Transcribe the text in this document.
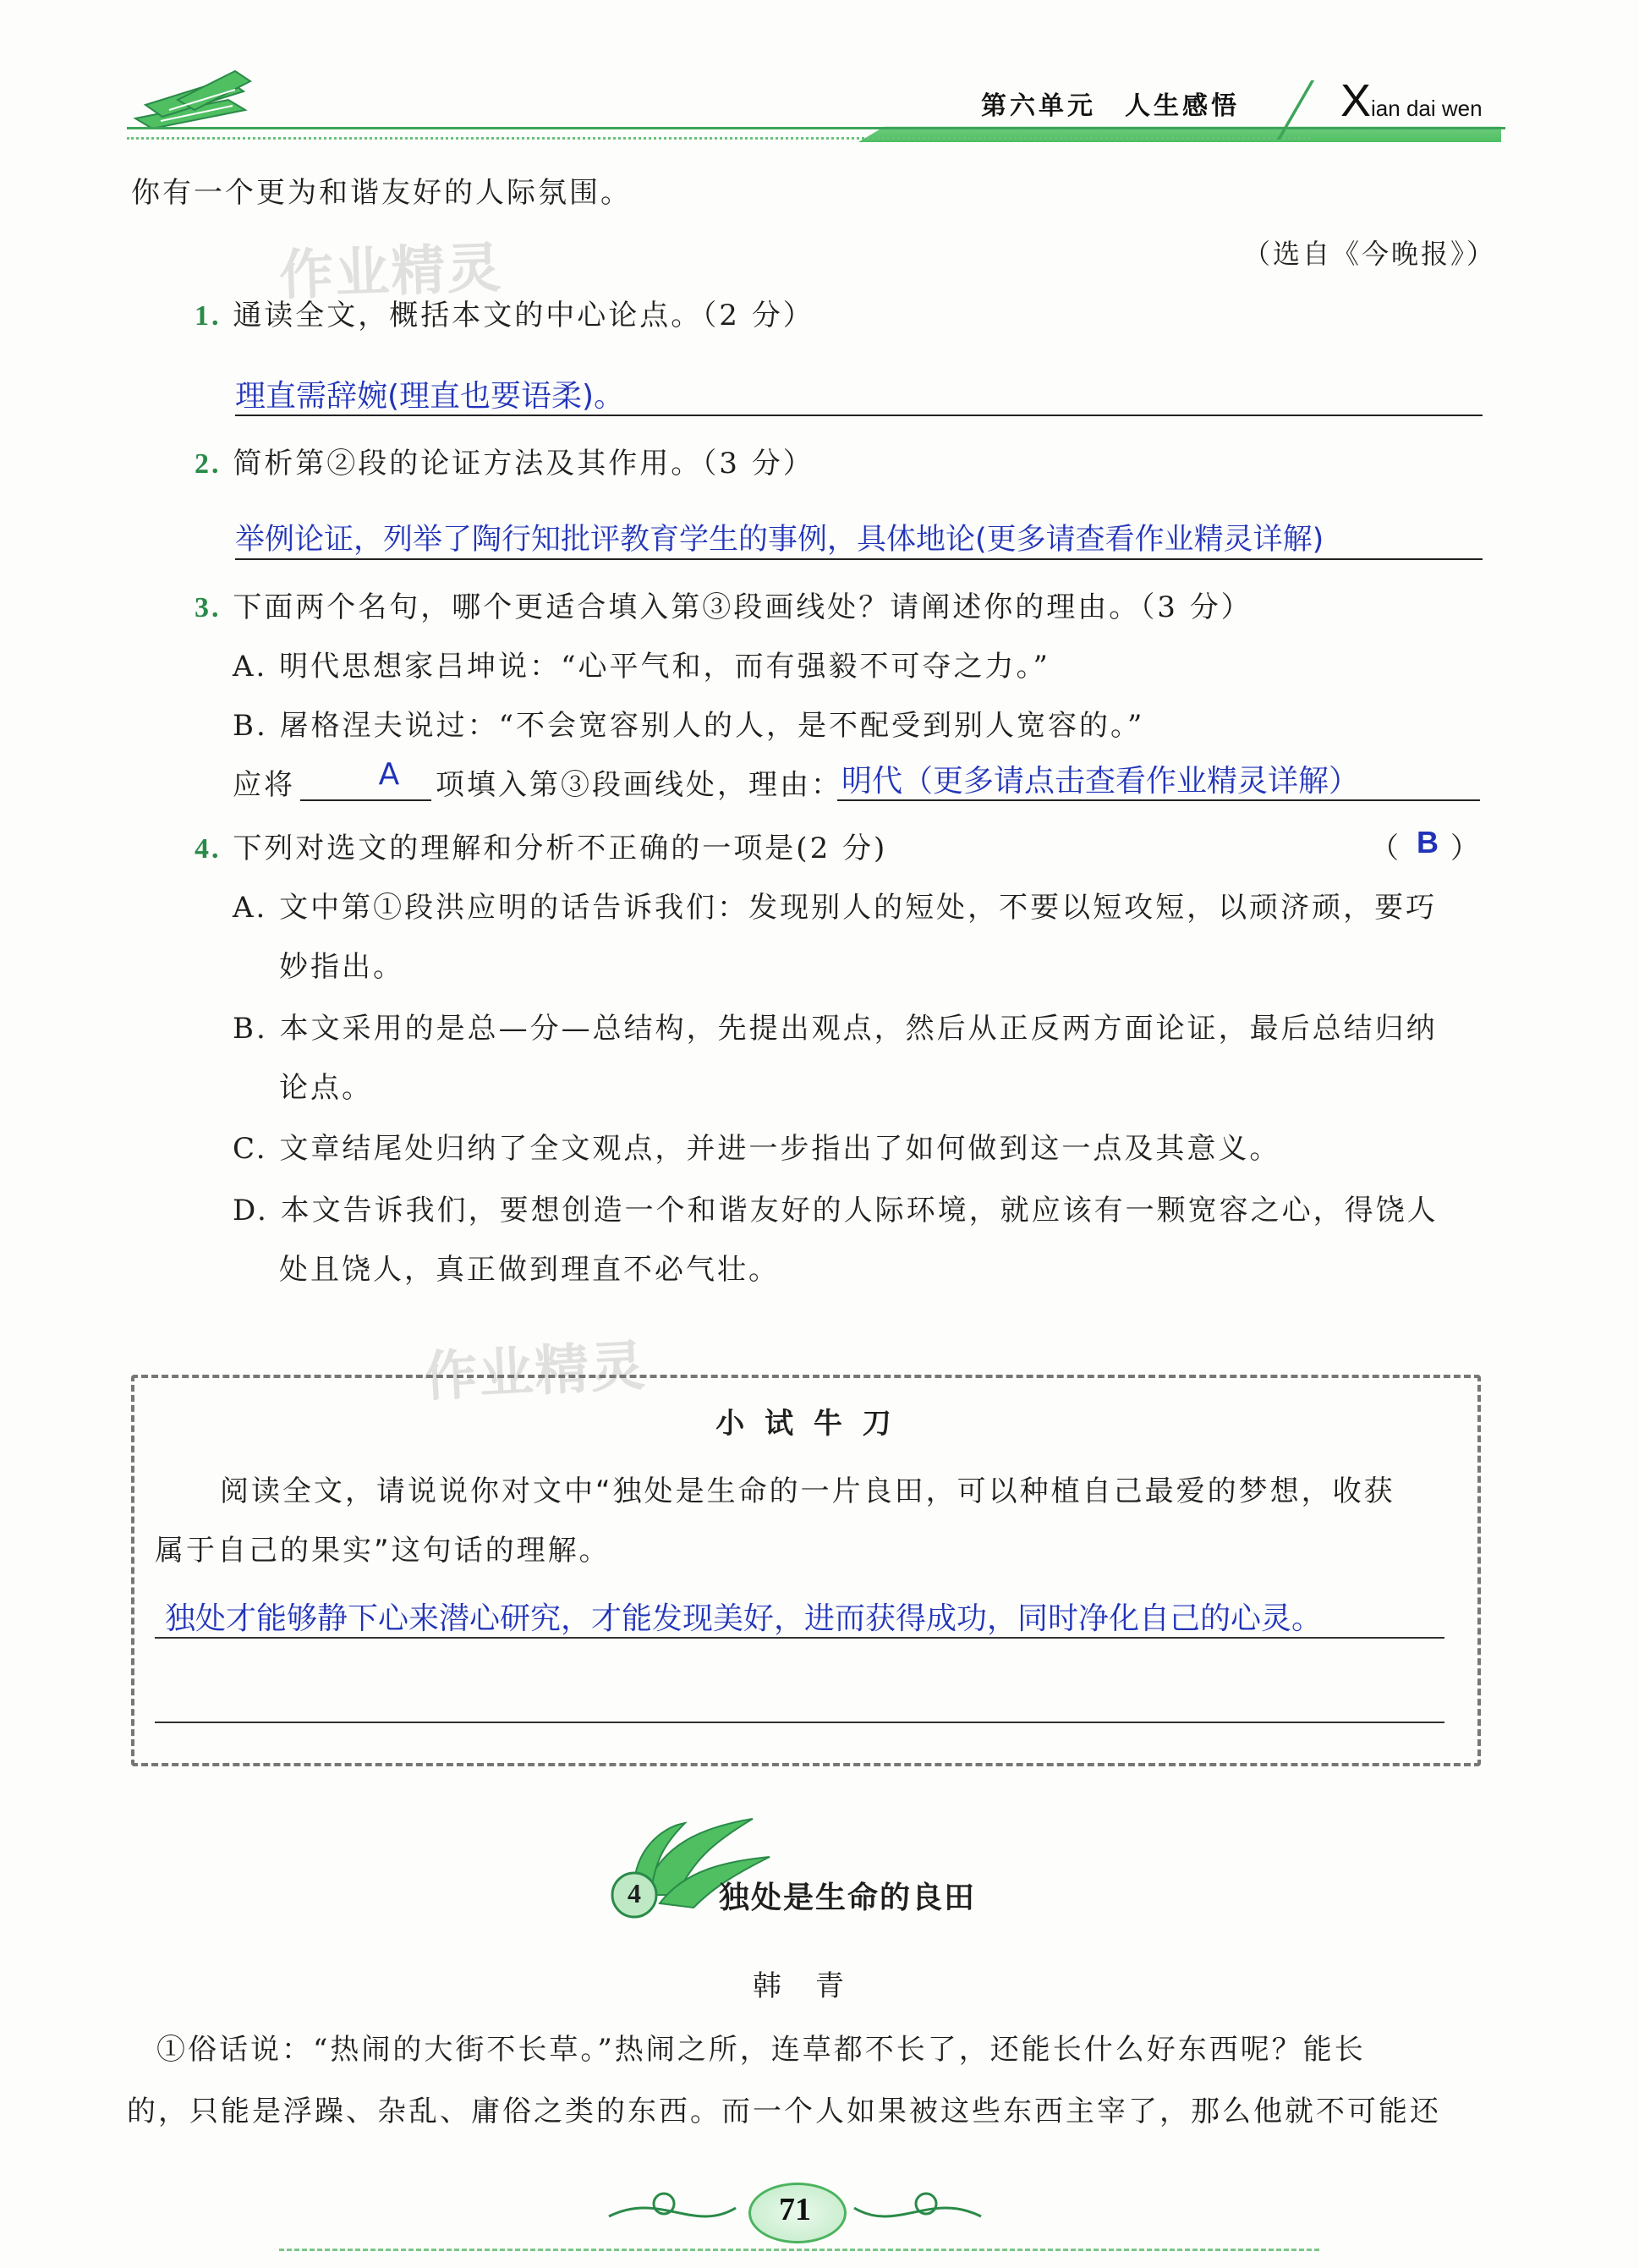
第六单元　人生感悟 Xian dai wen
你有一个更为和谐友好的人际氛围。
作业精灵	（选自《今晚报》）
1. 通读全文，概括本文的中心论点。（2 分）
理直需辞婉(理直也要语柔)。
2. 简析第②段的论证方法及其作用。（3 分）
举例论证，列举了陶行知批评教育学生的事例，具体地论(更多请查看作业精灵详解)
3. 下面两个名句，哪个更适合填入第③段画线处？请阐述你的理由。（3 分）
A. 明代思想家吕坤说：“心平气和，而有强毅不可夺之力。”
B. 屠格涅夫说过：“不会宽容别人的人，是不配受到别人宽容的。”
应将	A	项填入第③段画线处，理由： 明代（更多请点击查看作业精灵详解）
4. 下列对选文的理解和分析不正确的一项是(2 分)	（ B ）
A. 文中第①段洪应明的话告诉我们：发现别人的短处，不要以短攻短，以顽济顽，要巧
妙指出。
B. 本文采用的是总—分—总结构，先提出观点，然后从正反两方面论证，最后总结归纳
论点。
C. 文章结尾处归纳了全文观点，并进一步指出了如何做到这一点及其意义。
D. 本文告诉我们，要想创造一个和谐友好的人际环境，就应该有一颗宽容之心，得饶人
处且饶人，真正做到理直不必气壮。
作业精灵
小 试 牛 刀
阅读全文，请说说你对文中“独处是生命的一片良田，可以种植自己最爱的梦想，收获
属于自己的果实”这句话的理解。
独处才能够静下心来潜心研究，才能发现美好，进而获得成功，同时净化自己的心灵。
4	独处是生命的良田
韩　青
①俗话说：“热闹的大街不长草。”热闹之所，连草都不长了，还能长什么好东西呢？能长
的，只能是浮躁、杂乱、庸俗之类的东西。而一个人如果被这些东西主宰了，那么他就不可能还
71
